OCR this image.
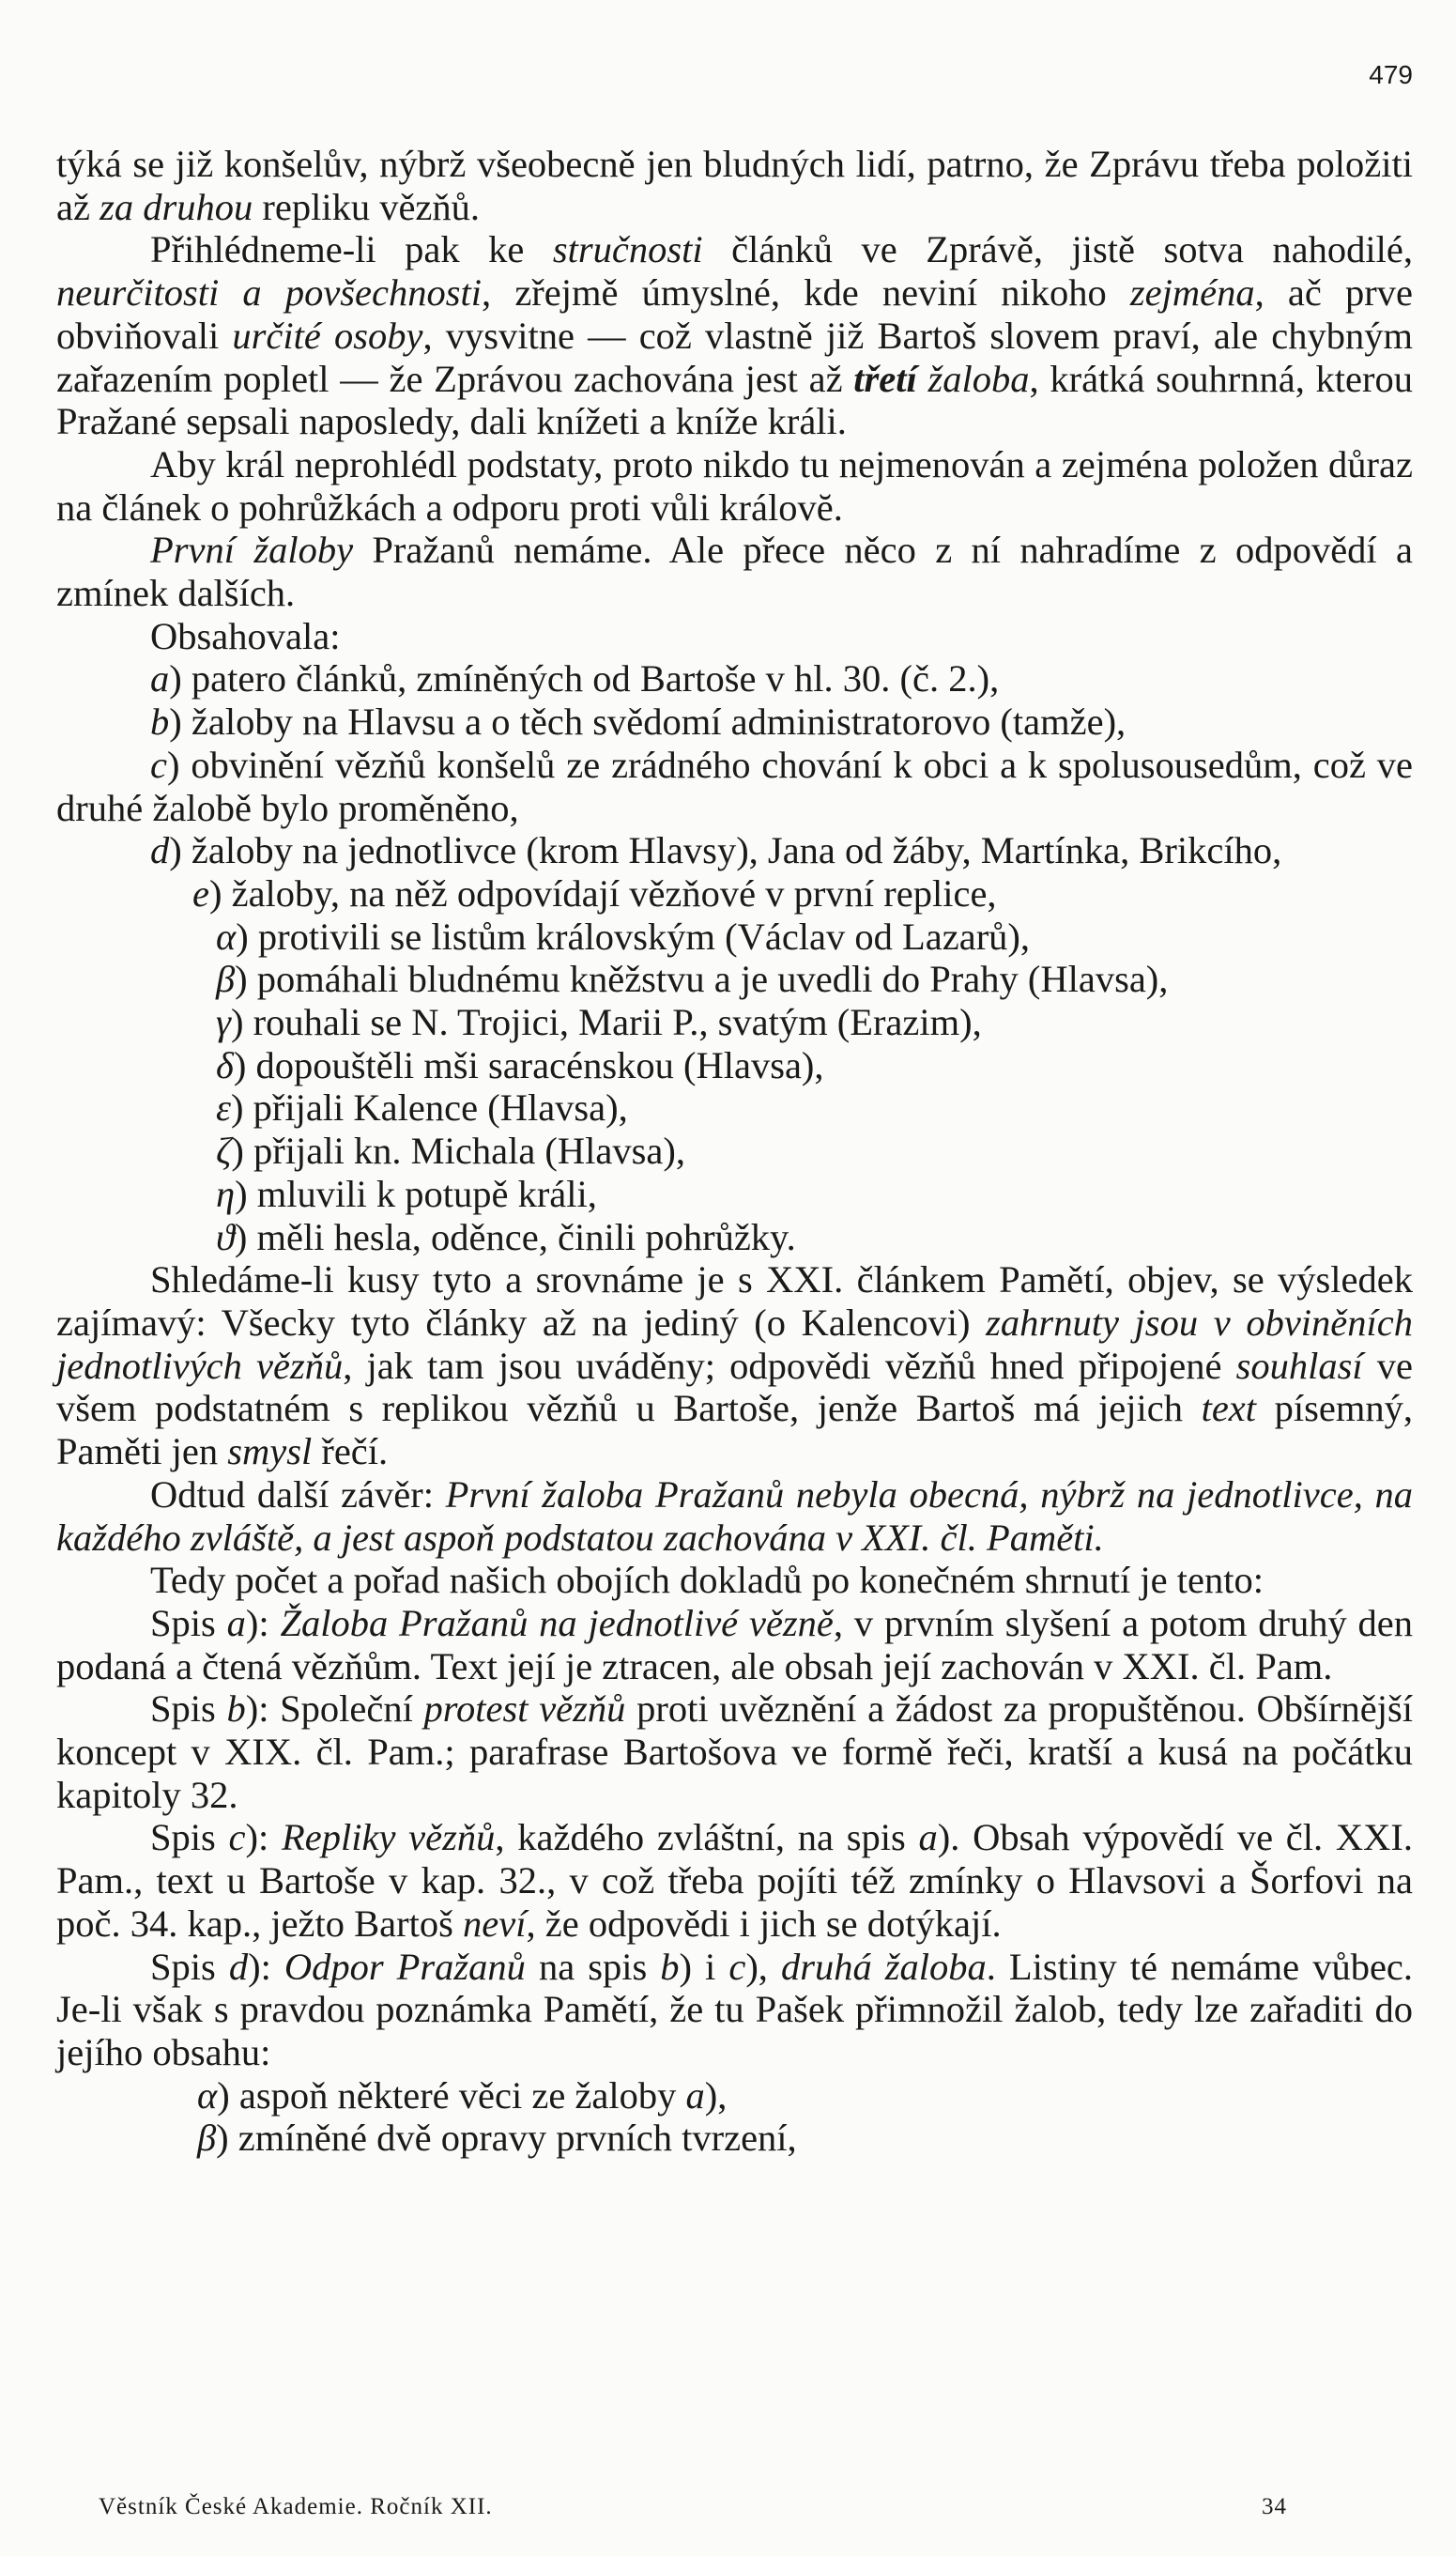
479

týká se již konšelův, nýbrž všeobecně jen bludných lidí, patrno, že Zprávu třeba položiti až za druhou repliku vězňů.

Přihlédneme-li pak ke stručnosti článků ve Zprávě, jistě sotva nahodilé, neurčitosti a povšechnosti, zřejmě úmyslné, kde neviní nikoho zejména, ač prve obviňovali určité osoby, vysvitne — což vlastně již Bartoš slovem praví, ale chybným zařazením popletl — že Zprávou zachována jest až třetí žaloba, krátká souhrnná, kterou Pražané sepsali naposledy, dali knížeti a kníže králi.

Aby král neprohlédl podstaty, proto nikdo tu nejmenován a zejména položen důraz na článek o pohrůžkách a odporu proti vůli královĕ.

První žaloby Pražanů nemáme. Ale přece něco z ní nahradíme z odpovědí a zmínek dalších.

Obsahovala:

a) patero článků, zmíněných od Bartoše v hl. 30. (č. 2.),

b) žaloby na Hlavsu a o těch svědomí administratorovo (tamže),

c) obvinění vězňů konšelů ze zrádného chování k obci a k spolusousedům, což ve druhé žalobě bylo proměněno,

d) žaloby na jednotlivce (krom Hlavsy), Jana od žáby, Martínka, Brikcího,

e) žaloby, na něž odpovídají vězňové v první replice,

α) protivili se listům královským (Václav od Lazarů),

β) pomáhali bludnému kněžstvu a je uvedli do Prahy (Hlavsa),

γ) rouhali se N. Trojici, Marii P., svatým (Erazim),

δ) dopouštěli mši saracénskou (Hlavsa),

ε) přijali Kalence (Hlavsa),

ζ) přijali kn. Michala (Hlavsa),

η) mluvili k potupě králi,

ϑ) měli hesla, oděnce, činili pohrůžky.

Shledáme-li kusy tyto a srovnáme je s XXI. článkem Pamětí, objev, se výsledek zajímavý: Všecky tyto články až na jediný (o Kalencovi) zahrnuty jsou v obviněních jednotlivých vězňů, jak tam jsou uváděny; odpovědi vězňů hned připojené souhlasí ve všem podstatném s replikou vězňů u Bartoše, jenže Bartoš má jejich text písemný, Paměti jen smysl řečí.

Odtud další závěr: První žaloba Pražanů nebyla obecná, nýbrž na jednotlivce, na každého zvláště, a jest aspoň podstatou zachována v XXI. čl. Paměti.

Tedy počet a pořad našich obojích dokladů po konečném shrnutí je tento:

Spis a): Žaloba Pražanů na jednotlivé vězně, v prvním slyšení a potom druhý den podaná a čtená vězňům. Text její je ztracen, ale obsah její zachován v XXI. čl. Pam.

Spis b): Společní protest vězňů proti uvěznění a žádost za propuštěnou. Obšírnější koncept v XIX. čl. Pam.; parafrase Bartošova ve formě řeči, kratší a kusá na počátku kapitoly 32.

Spis c): Repliky vězňů, každého zvláštní, na spis a). Obsah výpovědí ve čl. XXI. Pam., text u Bartoše v kap. 32., v což třeba pojíti též zmínky o Hlavsovi a Šorfovi na poč. 34. kap., ježto Bartoš neví, že odpovědi i jich se dotýkají.

Spis d): Odpor Pražanů na spis b) i c), druhá žaloba. Listiny té nemáme vůbec. Je-li však s pravdou poznámka Pamětí, že tu Pašek přimnožil žalob, tedy lze zařaditi do jejího obsahu:

α) aspoň některé věci ze žaloby a),

β) zmíněné dvě opravy prvních tvrzení,

Věstník České Akademie. Ročník XII.	34
